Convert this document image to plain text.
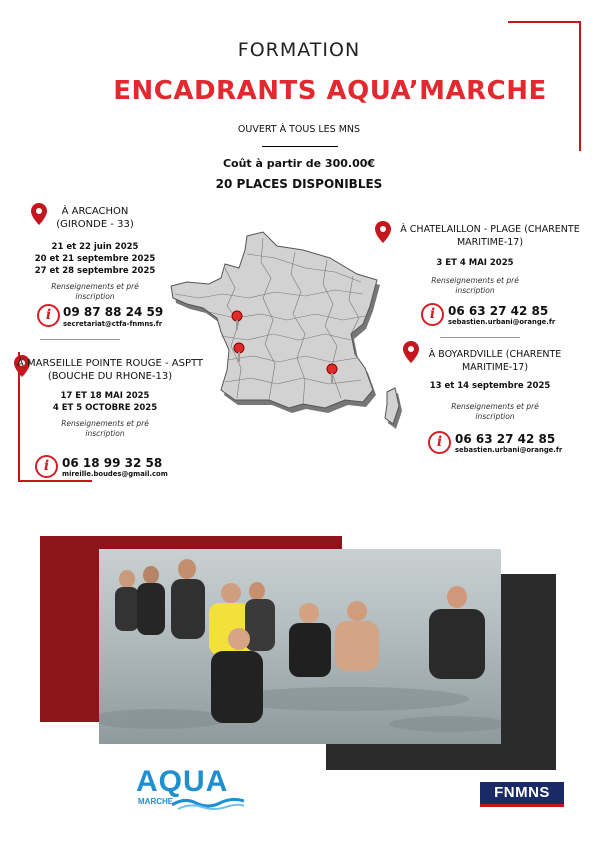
FORMATION
ENCADRANTS AQUA’MARCHE
OUVERT À TOUS LES MNS
Coût à partir de 300.00€
20 PLACES DISPONIBLES
À ARCACHON
(GIRONDE - 33)
21 et 22 juin 2025
20 et 21 septembre 2025
27 et 28 septembre 2025
Renseignements et pré
inscription
i 09 87 88 24 59
secretariat@ctfa-fnmns.fr
À MARSEILLE POINTE ROUGE - ASPTT
(BOUCHE DU RHONE-13)
17 ET 18 MAI 2025
4 ET 5 OCTOBRE 2025
Renseignements et pré
inscription
i	06 18 99 32 58
mireille.boudes@gmail.com
À CHATELAILLON - PLAGE (CHARENTE
MARITIME-17)
3 ET 4 MAI 2025
Renseignements et pré
inscription
i	06 63 27 42 85
sebastien.urbani@orange.fr
À BOYARDVILLE (CHARENTE
MARITIME-17)
13 et 14 septembre 2025
Renseignements et pré
inscription
i	06 63 27 42 85
sebastien.urbani@orange.fr
AQUA
MARCHE
FNMNS
